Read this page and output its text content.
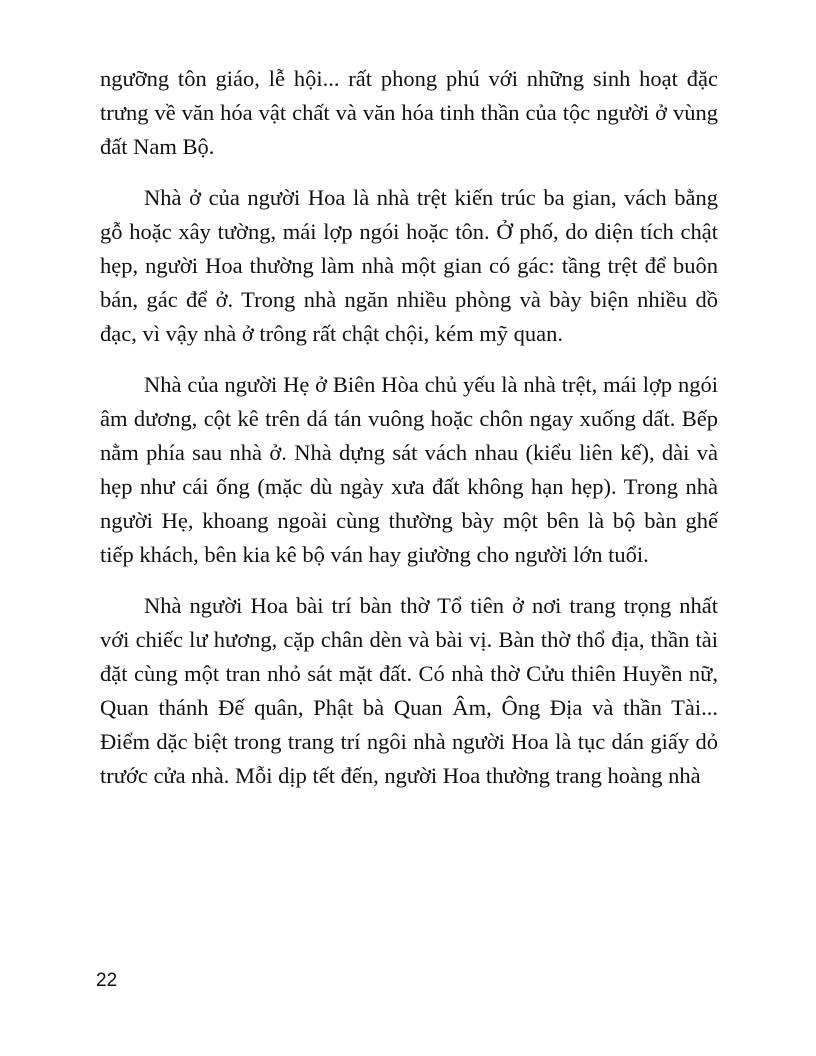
ngưỡng tôn giáo, lễ hội... rất phong phú với những sinh hoạt đặc trưng về văn hóa vật chất và văn hóa tinh thần của tộc người ở vùng đất Nam Bộ.

Nhà ở của người Hoa là nhà trệt kiến trúc ba gian, vách bằng gỗ hoặc xây tường, mái lợp ngói hoặc tôn. Ở phố, do diện tích chật hẹp, người Hoa thường làm nhà một gian có gác: tầng trệt để buôn bán, gác để ở. Trong nhà ngăn nhiều phòng và bày biện nhiều dồ đạc, vì vậy nhà ở trông rất chật chội, kém mỹ quan.

Nhà của người Hẹ ở Biên Hòa chủ yếu là nhà trệt, mái lợp ngói âm dương, cột kê trên dá tán vuông hoặc chôn ngay xuống dất. Bếp nằm phía sau nhà ở. Nhà dựng sát vách nhau (kiểu liên kế), dài và hẹp như cái ống (mặc dù ngày xưa đất không hạn hẹp). Trong nhà người Hẹ, khoang ngoài cùng thường bày một bên là bộ bàn ghế tiếp khách, bên kia kê bộ ván hay giường cho người lớn tuổi.

Nhà người Hoa bài trí bàn thờ Tổ tiên ở nơi trang trọng nhất với chiếc lư hương, cặp chân dèn và bài vị. Bàn thờ thổ địa, thần tài đặt cùng một tran nhỏ sát mặt đất. Có nhà thờ Cửu thiên Huyền nữ, Quan thánh Đế quân, Phật bà Quan Âm, Ông Địa và thần Tài... Điểm dặc biệt trong trang trí ngôi nhà người Hoa là tục dán giấy dỏ trước cửa nhà. Mỗi dịp tết đến, người Hoa thường trang hoàng nhà

22
